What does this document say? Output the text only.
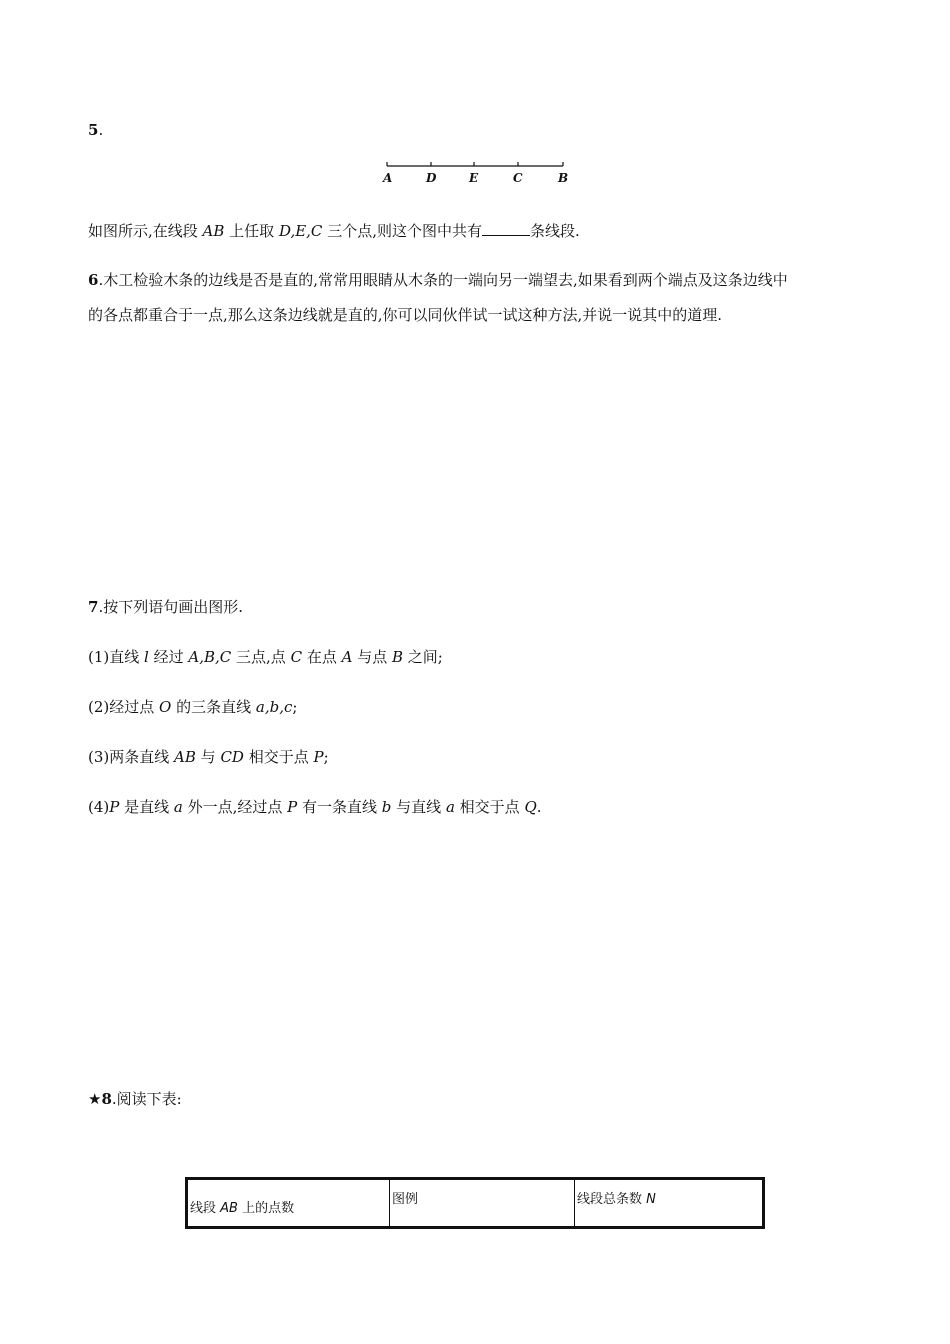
5.
A	D	E	C	B
如图所示,在线段 AB 上任取 D,E,C 三个点,则这个图中共有	条线段.
6.木工检验木条的边线是否是直的,常常用眼睛从木条的一端向另一端望去,如果看到两个端点及这条边线中
的各点都重合于一点,那么这条边线就是直的,你可以同伙伴试一试这种方法,并说一说其中的道理.
7.按下列语句画出图形.
(1)直线 l 经过 A,B,C 三点,点 C 在点 A 与点 B 之间;
(2)经过点 O 的三条直线 a,b,c;
(3)两条直线 AB 与 CD 相交于点 P;
(4)P 是直线 a 外一点,经过点 P 有一条直线 b 与直线 a 相交于点 Q.
★8.阅读下表:
线段 AB 上的点数	图例	线段总条数 N
